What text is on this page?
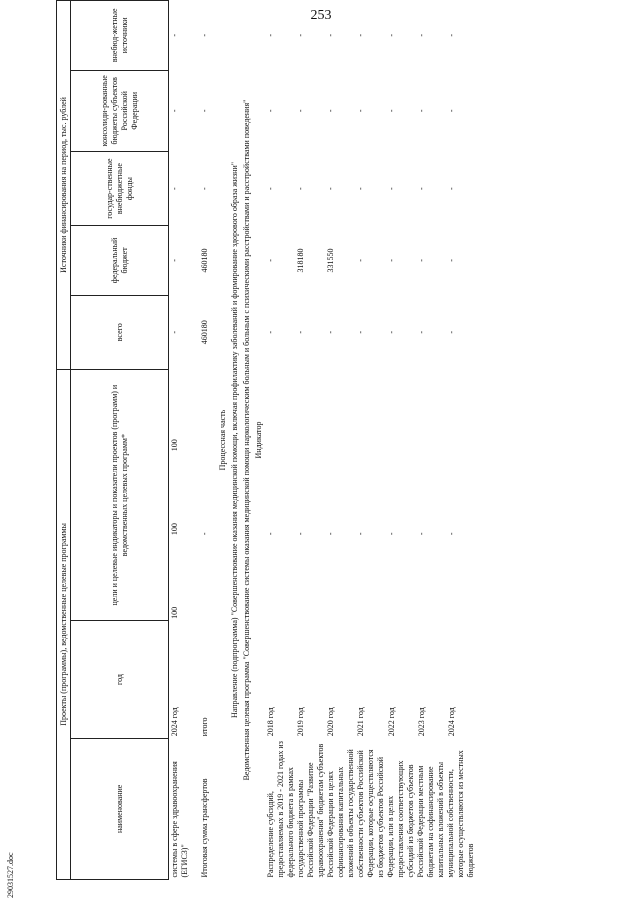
253
29031527.doc
Проекты (программы), ведомственные целевые программы					Источники финансирования на период, тыс. рублей				
наименование	год	цели и целевые индикаторы и показатели проектов (программ) и ведомственных целевых программ*			всего	федеральный бюджет	государ-ственные внебюджетные фонды	консолиди-рованные бюджеты субъектов Российской Федерации	внебюд-жетные источники
системы в сфере здравоохранения (ЕГИСЗ)"	2024 год	100	100	100	-	-	-	-	-
Итоговая сумма трансфертов	итого		-		460180	460180	-	-	-
Процессная часть									
Направление (подпрограмма) "Совершенствование оказания медицинской помощи, включая профилактику заболеваний и формирование здорового образа жизни"									
Ведомственная целевая программа "Совершенствование системы оказания медицинской помощи наркологическим больным и больным с психическими расстройствами и расстройствами поведения"									
Индикатор									
Распределение субсидий, предоставляемых в 2019 - 2021 годах из федерального бюджета в рамках государственной программы Российской Федерации "Развитие здравоохранения" бюджетам субъектов Российской Федерации в целях софинансирования капитальных вложений в объекты государственной собственности субъектов Российской Федерации, которые осуществляются из бюджетов субъектов Российской Федерации, или в целях предоставления соответствующих субсидий из бюджетов субъектов Российской Федерации местным бюджетам на софинансирование капитальных вложений в объекты муниципальной собственности, которые осуществляются из местных бюджетов	2018 год		-		-	-	-	-	-
	2019 год		-		-	318180	-	-	-
	2020 год		-		-	331550	-	-	-
	2021 год		-		-	-	-	-	-
	2022 год		-		-	-	-	-	-
	2023 год		-		-	-	-	-	-
	2024 год		-		-	-	-	-	-
